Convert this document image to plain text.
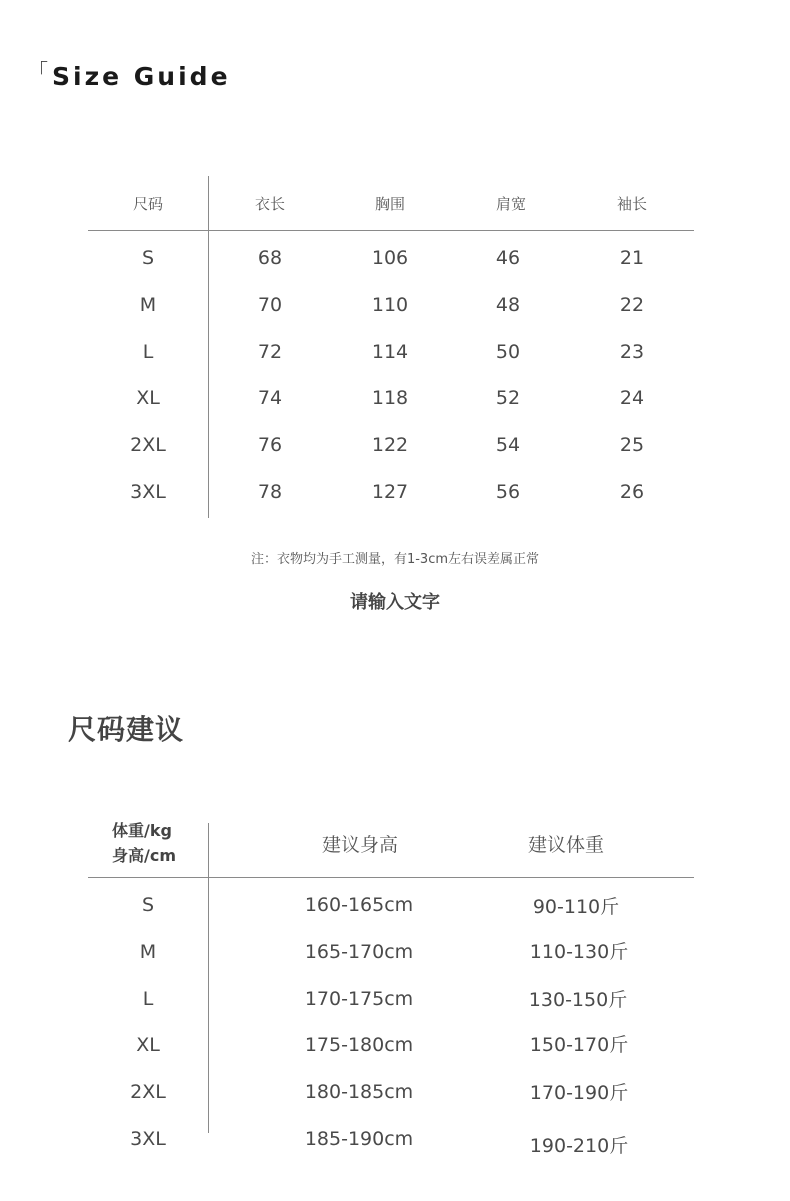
「Size Guide
尺码	衣长	胸围	肩宽	袖长
S	68	106	46	21
M	70	110	48	22
L	72	114	50	23
XL	74	118	52	24
2XL	76	122	54	25
3XL	78	127	56	26
注：衣物均为手工测量，有1-3cm左右误差属正常
请输入文字
尺码建议
体重/kg
身高/cm	建议身高	建议体重
S	160-165cm	90-110斤
M	165-170cm	110-130斤
L	170-175cm	130-150斤
XL	175-180cm	150-170斤
2XL	180-185cm	170-190斤
3XL	185-190cm	190-210斤
